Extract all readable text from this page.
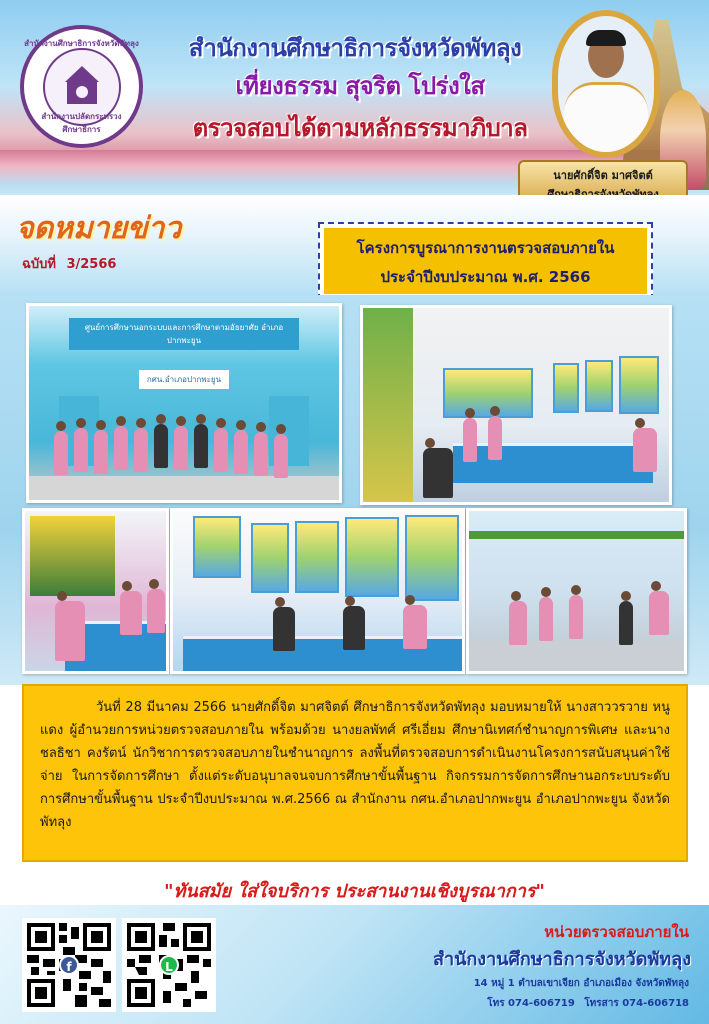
สำนักงานศึกษาธิการจังหวัดพัทลุง
สำนักงานปลัดกระทรวงศึกษาธิการ
สำนักงานศึกษาธิการจังหวัดพัทลุง
เที่ยงธรรม สุจริต โปร่งใส
ตรวจสอบได้ตามหลักธรรมาภิบาล
นายศักดิ์จิต มาศจิตต์
จดหมายข่าว
ฉบับที่ 3/2566
โครงการบูรณาการงานตรวจสอบภายใน
ประจำปีงบประมาณ พ.ศ. 2566
ศูนย์การศึกษานอกระบบและการศึกษาตามอัธยาศัย อำเภอปากพะยูน
กศน.อำเภอปากพะยูน

วันที่ 28 มีนาคม 2566 นายศักดิ์จิต มาศจิตต์ ศึกษาธิการจังหวัดพัทลุง มอบหมายให้ นางสาววรวาย หนูแดง ผู้อำนวยการหน่วยตรวจสอบภายใน พร้อมด้วย นางยลพัทศ์ ศรีเอี่ยม ศึกษานิเทศก์ชำนาญการพิเศษ และนางชลธิชา คงรัตน์ นักวิชาการตรวจสอบภายในชำนาญการ ลงพื้นที่ตรวจสอบการดำเนินงานโครงการสนับสนุนค่าใช้จ่าย ในการจัดการศึกษา ตั้งแต่ระดับอนุบาลจนจบการศึกษาขั้นพื้นฐาน กิจกรรมการจัดการศึกษานอกระบบระดับการศึกษาขั้นพื้นฐาน ประจำปีงบประมาณ พ.ศ.2566 ณ สำนักงาน กศน.อำเภอปากพะยูน อำเภอปากพะยูน จังหวัดพัทลุง

"ทันสมัย ใส่ใจบริการ ประสานงานเชิงบูรณาการ"
f	L
หน่วยตรวจสอบภายใน
สำนักงานศึกษาธิการจังหวัดพัทลุง
14 หมู่ 1 ตำบลเขาเจียก อำเภอเมือง จังหวัดพัทลุง
โทร 074-606719 โทรสาร 074-606718
